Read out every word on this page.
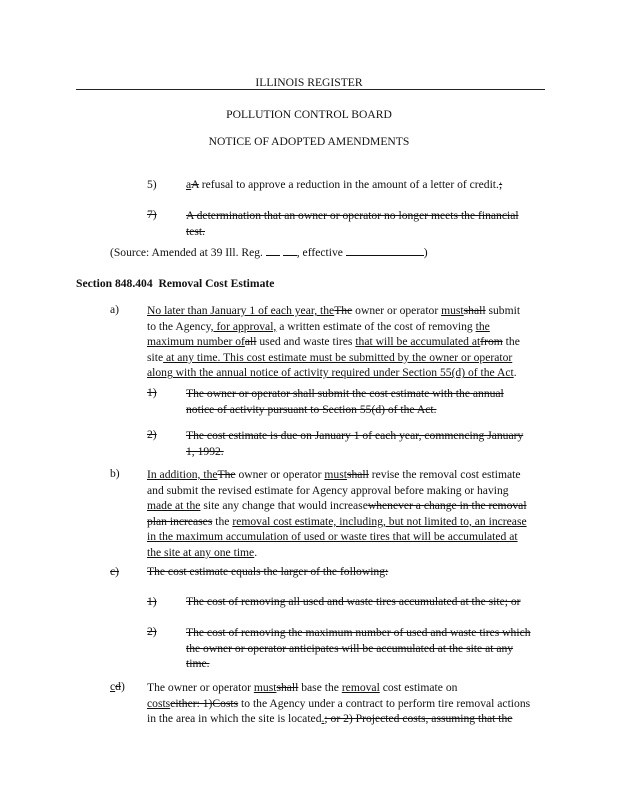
ILLINOIS REGISTER
POLLUTION CONTROL BOARD
NOTICE OF ADOPTED AMENDMENTS
5)	aA refusal to approve a reduction in the amount of a letter of credit.;
7)	A determination that an owner or operator no longer meets the financial
test.
(Source: Amended at 39 Ill. Reg.	, effective	)
Section 848.404 Removal Cost Estimate
a) No later than January 1 of each year, theThe owner or operator mustshall submit
to the Agency, for approval, a written estimate of the cost of removing the
maximum number ofall used and waste tires that will be accumulated atfrom the
site at any time. This cost estimate must be submitted by the owner or operator
along with the annual notice of activity required under Section 55(d) of the Act.
1)	The owner or operator shall submit the cost estimate with the annual
notice of activity pursuant to Section 55(d) of the Act.
2)	The cost estimate is due on January 1 of each year, commencing January
1, 1992.
b) In addition, theThe owner or operator mustshall revise the removal cost estimate
and submit the revised estimate for Agency approval before making or having
made at the site any change that would increasewhenever a change in the removal
plan increases the removal cost estimate, including, but not limited to, an increase
in the maximum accumulation of used or waste tires that will be accumulated at
the site at any one time.
c) The cost estimate equals the larger of the following:
1)	The cost of removing all used and waste tires accumulated at the site; or
2)	The cost of removing the maximum number of used and waste tires which
the owner or operator anticipates will be accumulated at the site at any
time.
cd) The owner or operator mustshall base the removal cost estimate on
costseither: 1)Costs to the Agency under a contract to perform tire removal actions
in the area in which the site is located.; or 2) Projected costs, assuming that the
